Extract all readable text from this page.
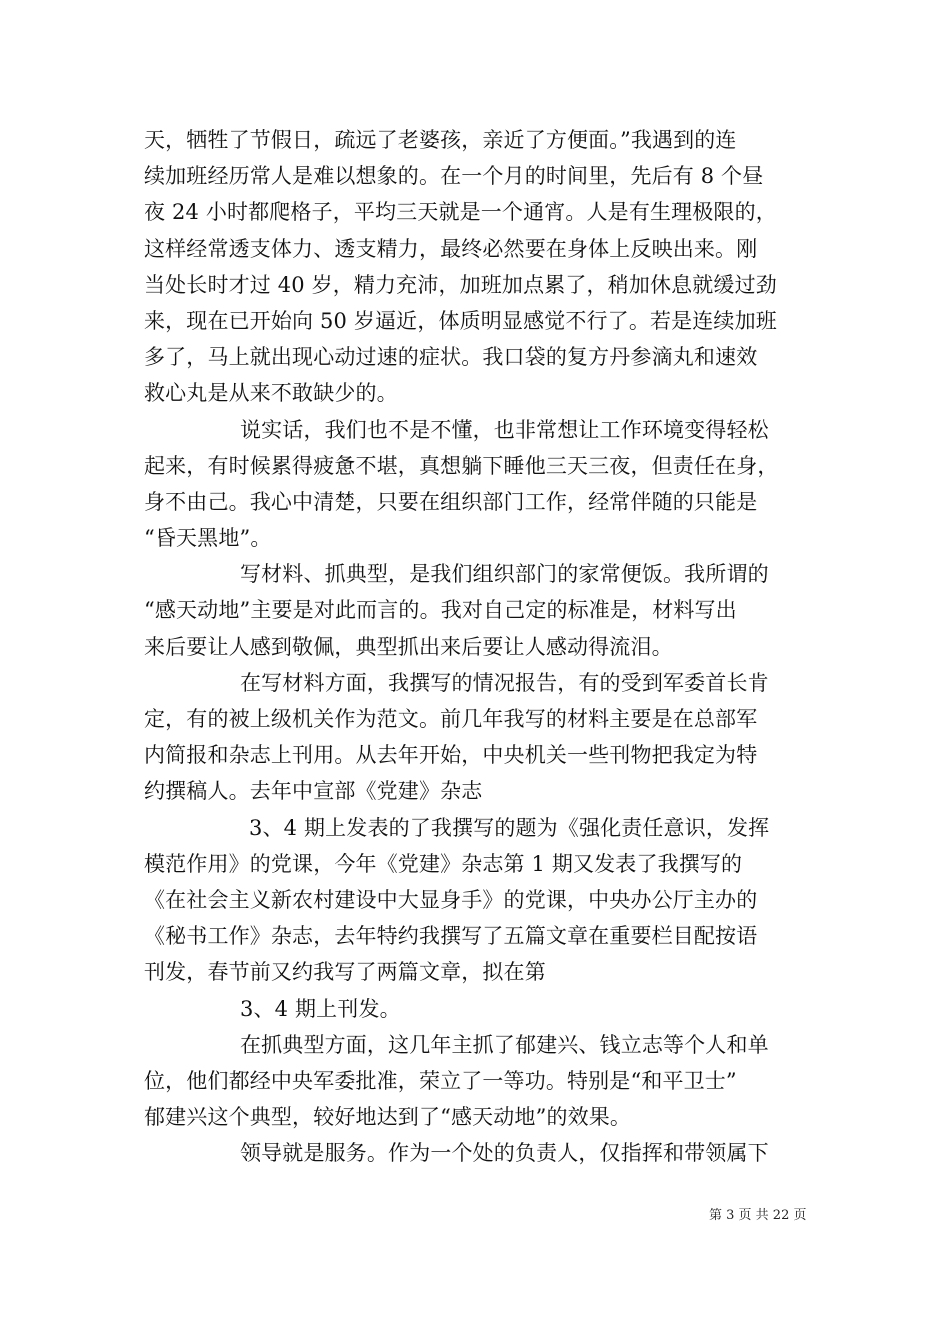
天，牺牲了节假日，疏远了老婆孩，亲近了方便面。”我遇到的连
续加班经历常人是难以想象的。在一个月的时间里，先后有 8 个昼
夜 24 小时都爬格子，平均三天就是一个通宵。人是有生理极限的，
这样经常透支体力、透支精力，最终必然要在身体上反映出来。刚
当处长时才过 40 岁，精力充沛，加班加点累了，稍加休息就缓过劲
来，现在已开始向 50 岁逼近，体质明显感觉不行了。若是连续加班
多了，马上就出现心动过速的症状。我口袋的复方丹参滴丸和速效
救心丸是从来不敢缺少的。
说实话，我们也不是不懂，也非常想让工作环境变得轻松
起来，有时候累得疲惫不堪，真想躺下睡他三天三夜，但责任在身，
身不由己。我心中清楚，只要在组织部门工作，经常伴随的只能是
“昏天黑地”。
写材料、抓典型，是我们组织部门的家常便饭。我所谓的
“感天动地”主要是对此而言的。我对自己定的标准是，材料写出
来后要让人感到敬佩，典型抓出来后要让人感动得流泪。
在写材料方面，我撰写的情况报告，有的受到军委首长肯
定，有的被上级机关作为范文。前几年我写的材料主要是在总部军
内简报和杂志上刊用。从去年开始，中央机关一些刊物把我定为特
约撰稿人。去年中宣部《党建》杂志
3、4 期上发表的了我撰写的题为《强化责任意识，发挥
模范作用》的党课，今年《党建》杂志第 1 期又发表了我撰写的
《在社会主义新农村建设中大显身手》的党课，中央办公厅主办的
《秘书工作》杂志，去年特约我撰写了五篇文章在重要栏目配按语
刊发，春节前又约我写了两篇文章，拟在第
3、4 期上刊发。
在抓典型方面，这几年主抓了郁建兴、钱立志等个人和单
位，他们都经中央军委批准，荣立了一等功。特别是“和平卫士”
郁建兴这个典型，较好地达到了“感天动地”的效果。
领导就是服务。作为一个处的负责人，仅指挥和带领属下
第 3 页 共 22 页
